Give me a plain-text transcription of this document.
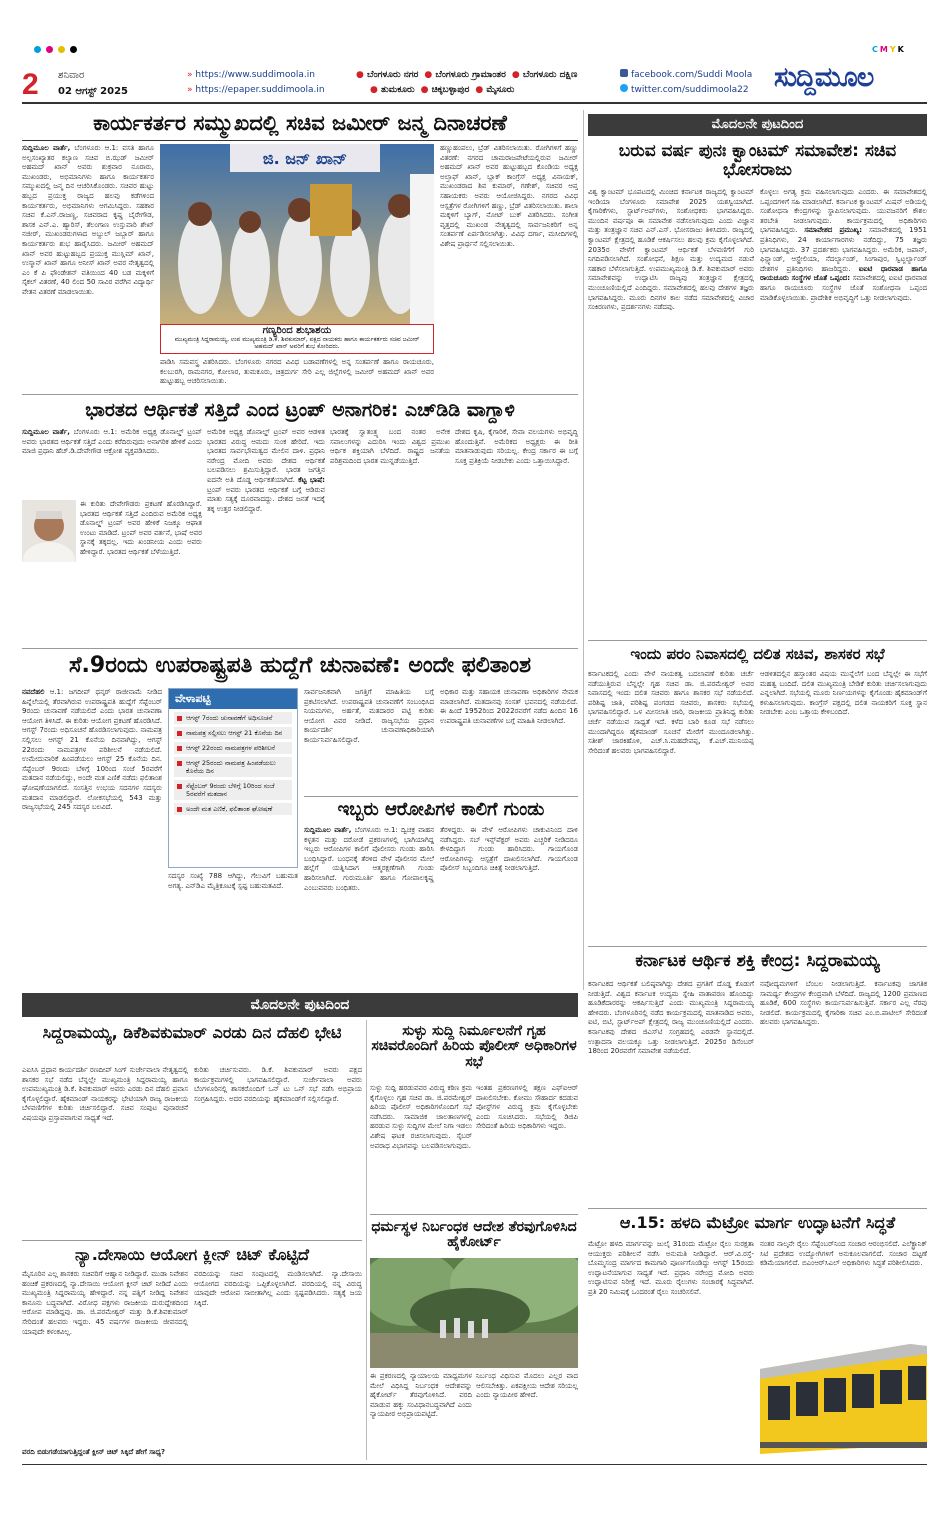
CMYK
2 ಶನಿವಾರ
02 ಆಗಸ್ಟ್ 2025
» https://www.suddimoola.in
» https://epaper.suddimoola.in
● ಬೆಂಗಳೂರು ನಗರ ● ಬೆಂಗಳೂರು ಗ್ರಾಮಾಂತರ ● ಬೆಂಗಳೂರು ದಕ್ಷಿಣ
● ತುಮಕೂರು ● ಚಿಕ್ಕಬಳ್ಳಾಪುರ ● ಮೈಸೂರು
facebook.com/Suddi Moola
twitter.com/suddimoola22 ಸುದ್ದಿಮೂಲ
ಕಾರ್ಯಕರ್ತರ ಸಮ್ಮುಖದಲ್ಲಿ ಸಚಿವ ಜಮೀರ್ ಜನ್ಮ ದಿನಾಚರಣೆ
ಸುದ್ದಿಮೂಲ ವಾರ್ತೆ, ಬೆಂಗಳೂರು ಆ.1: ವಸತಿ ಹಾಗೂ ಅಲ್ಪಸಂಖ್ಯಾತರ ಕಲ್ಯಾಣ ಸಚಿವ ಬಿ.ಝಡ್ ಜಮೀರ್ ಅಹಮದ್ ಖಾನ್ ಅವರು ಶುಕ್ರವಾರ ನೂರಾರು, ಮುಖಂಡರು, ಅಭಿಮಾನಿಗಳು ಹಾಗೂ ಕಾರ್ಯಕರ್ತರ ಸಮ್ಮುಖದಲ್ಲಿ ಜನ್ಮ ದಿನ ಆಚರಿಸಿಕೊಂಡರು. ಸಚಿವರ ಹುಟ್ಟು ಹಬ್ಬದ ಪ್ರಯುಕ್ತ ರಾಜ್ಯದ ಹಲವು ಕಡೆಗಳಿಂದ ಕಾರ್ಯಕರ್ತರು, ಅಭಿಮಾನಿಗಳು ಆಗಮಿಸಿದ್ದರು. ಸಹಕಾರ ಸಚಿವ ಕೆ.ಎನ್.ರಾಜಣ್ಣ, ಸಚಿವರಾದ ಕೃಷ್ಣ ಬೈರೇಗೌಡ, ಶಾಸಕ ಎನ್.ಎ. ಹ್ಯಾರಿಸ್, ತೆಲಂಗಾಣ ಉಸ್ತುವಾರಿ ಶೇಖ್ ನಜೀರ್, ಮುಖಂಡರುಗಳಾದ ಅಬ್ದುಲ್ ಜಬ್ಬಾರ್ ಹಾಗೂ ಕಾರ್ಯಕರ್ತರು ಶುಭ ಹಾರೈಸಿದರು. ಜಮೀರ್ ಅಹಮದ್ ಖಾನ್ ಅವರ ಹುಟ್ಟುಹಬ್ಬದ ಪ್ರಯುಕ್ತ ಮುಸ್ಲಿಮ್ ಖಾನ್, ಉಸ್ಮಾನ್ ಖಾನ್ ಹಾಗೂ ಅನೀಸ್ ಖಾನ್ ಅವರ ನೇತೃತ್ವದಲ್ಲಿ ಎಂ ಕೆ ಪಿ ಫೌಂಡೇಶನ್ ವತಿಯಿಂದ 40 ಬಡ ಮಕ್ಕಳಿಗೆ ಸೈಕಲ್ ವಿತರಣೆ, 40 ಲಿಂದ 50 ಸಾವಿರ ವರೆಗಿನ ವಿದ್ಯಾರ್ಥಿ ವೇತನ ವಿತರಣೆ ಮಾಡಲಾಯಿತು.
ಜಿ. ಜನ್ ಖಾನ್
ಗಣ್ಯರಿಂದ ಶುಭಾಶಯ
ಮುಖ್ಯಮಂತ್ರಿ ಸಿದ್ದರಾಮಯ್ಯ, ಉಪ ಮುಖ್ಯಮಂತ್ರಿ ಡಿ.ಕೆ. ಶಿವಕುಮಾರ್, ಪಕ್ಷದ ನಾಯಕರು ಹಾಗೂ ಕಾರ್ಯಕರ್ತರು ಸಚಿವ ಜಮೀರ್ ಅಹಮದ್ ಖಾನ್ ಅವರಿಗೆ ಶುಭ ಕೋರಿದರು.
ಹಣ್ಣುಹಂಪಲು, ಬ್ರೆಡ್ ವಿತರಿಸಲಾಯಿತು. ರೋಗಿಗಳಿಗೆ ಹಣ್ಣು ವಿತರಣೆ: ನಗರದ ಚಾಮರಾಜಪೇಟೆಯಲ್ಲಿರುವ ಜಮೀರ್ ಅಹಮದ್ ಖಾನ್ ಅವರ ಹುಟ್ಟುಹಬ್ಬದ ಕೊಂಡಿಯ ಅಧ್ಯಕ್ಷ ಅಲ್ತಾಫ್ ಖಾನ್, ಬ್ಲಾಕ್ ಕಾಂಗ್ರೆಸ್ ಅಧ್ಯಕ್ಷ ವಿನಾಯಕ್, ಮುಖಂಡರಾದ ಶಿವ ಕುಮಾರ್, ಗಣೇಶ್, ಸಚಿವರ ಆಪ್ತ ಸಹಾಯಕರು ಅವರು ಆಯೋಜಿಸಿದ್ದರು. ನಗರದ ವಿವಿಧ ಆಸ್ಪತ್ರೆಗಳ ರೋಗಿಗಳಿಗೆ ಹಣ್ಣು, ಬ್ರೆಡ್ ವಿತರಿಸಲಾಯಿತು. ಶಾಲಾ ಮಕ್ಕಳಿಗೆ ಬ್ಯಾಗ್, ನೋಟ್ ಬುಕ್ ವಿತರಿಸಿದರು. ಸಂಗೀತ ವೃತ್ತದಲ್ಲಿ ಮುಖಂಡ ನೇತೃತ್ವದಲ್ಲಿ ಸಾರ್ವಜನಿಕರಿಗೆ ಅನ್ನ ಸಂತರ್ಪಣೆ ಏರ್ಪಡಿಸಲಾಗಿತ್ತು. ವಿವಿಧ ದರ್ಗಾ, ಮಸೀದಿಗಳಲ್ಲಿ ವಿಶೇಷ ಪ್ರಾರ್ಥನೆ ಸಲ್ಲಿಸಲಾಯಿತು.
ಪಾಡಿಸಿ ಸಮವಸ್ತ್ರ ವಿತರಿಸಿದರು. ಬೆಂಗಳೂರು ನಗರದ ವಿವಿಧ ಬಡಾವಣೆಗಳಲ್ಲಿ ಅನ್ನ ಸಂತರ್ಪಣೆ ಹಾಗೂ ರಾಯಚೂರು, ಕಲಬುರಗಿ, ರಾಮನಗರ, ಕೋಲಾರ, ತುಮಕೂರು, ಚಿತ್ರದುರ್ಗ ಸೇರಿ ಎಲ್ಲ ಜಿಲ್ಲೆಗಳಲ್ಲಿ ಜಮೀರ್ ಅಹಮದ್ ಖಾನ್ ಅವರ ಹುಟ್ಟುಹಬ್ಬ ಆಚರಿಸಲಾಯಿತು.
ಭಾರತದ ಆರ್ಥಿಕತೆ ಸತ್ತಿದೆ ಎಂದ ಟ್ರಂಪ್ ಅನಾಗರಿಕ: ಎಚ್‌ಡಿಡಿ ವಾಗ್ದಾಳಿ
ಸುದ್ದಿಮೂಲ ವಾರ್ತೆ, ಬೆಂಗಳೂರು ಆ.1: ಅಮೆರಿಕ ಅಧ್ಯಕ್ಷ ಡೊನಾಲ್ಡ್ ಟ್ರಂಪ್ ಅವರು ಭಾರತದ ಆರ್ಥಿಕತೆ ಸತ್ತಿದೆ ಎಂದು ಕರೆದಿರುವುದು ಅನಾಗರಿಕ ಹೇಳಿಕೆ ಎಂದು ಮಾಜಿ ಪ್ರಧಾನಿ ಹೆಚ್.ಡಿ.ದೇವೇಗೌಡ ಆಕ್ರೋಶ ವ್ಯಕ್ತಪಡಿಸಿದರು.
ಈ ಕುರಿತು ದೇವೇಗೌಡರು ಪ್ರಕಟಣೆ ಹೊರಡಿಸಿದ್ದಾರೆ. ಭಾರತದ ಆರ್ಥಿಕತೆ ಸತ್ತಿದೆ ಎಂದಿರುವ ಅಮೆರಿಕ ಅಧ್ಯಕ್ಷ ಡೊನಾಲ್ಡ್ ಟ್ರಂಪ್ ಅವರ ಹೇಳಿಕೆ ನಿಜಕ್ಕೂ ಆಘಾತ ಉಂಟು ಮಾಡಿದೆ. ಟ್ರಂಪ್ ಅವರ ವರ್ತನೆ, ಭಾಷೆ ಅವರ ಸ್ಥಾನಕ್ಕೆ ತಕ್ಕದಲ್ಲ. ಇದು ಖಂಡನೀಯ ಎಂದು ಅವರು ಹೇಳಿದ್ದಾರೆ. ಭಾರತದ ಆರ್ಥಿಕತೆ ಬೆಳೆಯುತ್ತಿದೆ.
ಅಮೆರಿಕ ಅಧ್ಯಕ್ಷ ಡೊನಾಲ್ಡ್ ಟ್ರಂಪ್ ಅವರ ಆಡಳಿತ ಭಾರತದ ವಿರುದ್ಧ ಆಮದು ಸುಂಕ ಹೇರಿದೆ. ಇದು ಭಾರತದ ಸಾರ್ವಭೌಮತ್ವದ ಮೇಲಿನ ದಾಳಿ. ಪ್ರಧಾನಿ ನರೇಂದ್ರ ಮೋದಿ ಅವರು ದೇಶದ ಆರ್ಥಿಕತೆ ಬಲಪಡಿಸಲು ಶ್ರಮಿಸುತ್ತಿದ್ದಾರೆ. ಭಾರತ ಜಗತ್ತಿನ ಐದನೇ ಅತಿ ದೊಡ್ಡ ಆರ್ಥಿಕತೆಯಾಗಿದೆ. ಕೆಟ್ಟ ಭಾಷೆ: ಟ್ರಂಪ್ ಅವರು ಭಾರತದ ಆರ್ಥಿಕತೆ ಬಗ್ಗೆ ಆಡಿರುವ ಮಾತು ಸತ್ಯಕ್ಕೆ ದೂರವಾದದ್ದು. ದೇಶದ ಜನತೆ ಇದಕ್ಕೆ ತಕ್ಕ ಉತ್ತರ ನೀಡಲಿದ್ದಾರೆ.
ಭಾರತಕ್ಕೆ ಸ್ವಾತಂತ್ರ್ಯ ಬಂದ ನಂತರ ಅನೇಕ ಸವಾಲುಗಳನ್ನು ಎದುರಿಸಿ ಇಂದು ವಿಶ್ವದ ಪ್ರಮುಖ ಆರ್ಥಿಕ ಶಕ್ತಿಯಾಗಿ ಬೆಳೆದಿದೆ. ರಾಷ್ಟ್ರದ ಜನತೆಯ ಪರಿಶ್ರಮದಿಂದ ಭಾರತ ಮುನ್ನಡೆಯುತ್ತಿದೆ.
ದೇಶದ ಕೃಷಿ, ಕೈಗಾರಿಕೆ, ಸೇವಾ ವಲಯಗಳು ಅಭಿವೃದ್ಧಿ ಹೊಂದುತ್ತಿವೆ. ಅಮೆರಿಕದ ಅಧ್ಯಕ್ಷರು ಈ ರೀತಿ ಮಾತನಾಡುವುದು ಸರಿಯಲ್ಲ. ಕೇಂದ್ರ ಸರ್ಕಾರ ಈ ಬಗ್ಗೆ ಸೂಕ್ತ ಪ್ರತಿಕ್ರಿಯೆ ನೀಡಬೇಕು ಎಂದು ಒತ್ತಾಯಿಸಿದ್ದಾರೆ.
ಸೆ.9ರಂದು ಉಪರಾಷ್ಟ್ರಪತಿ ಹುದ್ದೆಗೆ ಚುನಾವಣೆ: ಅಂದೇ ಫಲಿತಾಂಶ
ನವದೆಹಲಿ ಆ.1: ಜಗದೀಪ್ ಧನ್ಕರ್ ರಾಜೀನಾಮೆ ನೀಡಿದ ಹಿನ್ನೆಲೆಯಲ್ಲಿ ತೆರವಾಗಿರುವ ಉಪರಾಷ್ಟ್ರಪತಿ ಹುದ್ದೆಗೆ ಸೆಪ್ಟೆಂಬರ್ 9ರಂದು ಚುನಾವಣೆ ನಡೆಯಲಿದೆ ಎಂದು ಭಾರತ ಚುನಾವಣಾ ಆಯೋಗ ತಿಳಿಸಿದೆ. ಈ ಕುರಿತು ಆಯೋಗ ಪ್ರಕಟಣೆ ಹೊರಡಿಸಿದೆ. ಆಗಸ್ಟ್ 7ರಂದು ಅಧಿಸೂಚನೆ ಹೊರಡಿಸಲಾಗುವುದು. ನಾಮಪತ್ರ ಸಲ್ಲಿಸಲು ಆಗಸ್ಟ್ 21 ಕೊನೆಯ ದಿನವಾಗಿದ್ದು, ಆಗಸ್ಟ್ 22ರಂದು ನಾಮಪತ್ರಗಳ ಪರಿಶೀಲನೆ ನಡೆಯಲಿದೆ. ಉಮೇದುವಾರಿಕೆ ಹಿಂಪಡೆಯಲು ಆಗಸ್ಟ್ 25 ಕೊನೆಯ ದಿನ. ಸೆಪ್ಟೆಂಬರ್ 9ರಂದು ಬೆಳಿಗ್ಗೆ 10ರಿಂದ ಸಂಜೆ 5ರವರೆಗೆ ಮತದಾನ ನಡೆಯಲಿದ್ದು, ಅಂದೇ ಮತ ಎಣಿಕೆ ನಡೆದು ಫಲಿತಾಂಶ ಘೋಷಣೆಯಾಗಲಿದೆ. ಸಂಸತ್ತಿನ ಉಭಯ ಸದನಗಳ ಸದಸ್ಯರು ಮತದಾನ ಮಾಡಲಿದ್ದಾರೆ. ಲೋಕಸಭೆಯಲ್ಲಿ 543 ಮತ್ತು ರಾಜ್ಯಸಭೆಯಲ್ಲಿ 245 ಸದಸ್ಯರ ಬಲವಿದೆ.
ವೇಳಾಪಟ್ಟಿ
ಆಗಸ್ಟ್ 7ರಂದು ಚುನಾವಣೆಗೆ ಅಧಿಸೂಚನೆ
ನಾಮಪತ್ರ ಸಲ್ಲಿಸಲು ಆಗಸ್ಟ್ 21 ಕೊನೆಯ ದಿನ
ಆಗಸ್ಟ್ 22ರಂದು ನಾಮಪತ್ರಗಳ ಪರಿಶೀಲನೆ
ಆಗಸ್ಟ್ 25ರಂದು ನಾಮಪತ್ರ ಹಿಂಪಡೆಯಲು ಕೊನೆಯ ದಿನ
ಸೆಪ್ಟೆಂಬರ್ 9ರಂದು ಬೆಳಿಗ್ಗೆ 10ರಿಂದ ಸಂಜೆ 5ರವರೆಗೆ ಮತದಾನ
ಅಂದೇ ಮತ ಎಣಿಕೆ, ಫಲಿತಾಂಶ ಘೋಷಣೆ
ಸದಸ್ಯರ ಸಂಖ್ಯೆ 788 ಆಗಿದ್ದು, ಗೆಲುವಿಗೆ ಬಹುಮತ ಅಗತ್ಯ. ಎನ್‌ಡಿಎ ಮೈತ್ರಿಕೂಟಕ್ಕೆ ಸ್ಪಷ್ಟ ಬಹುಮತವಿದೆ.
ಸಾರ್ವಜನಿಕವಾಗಿ ಜಗತ್ತಿಗೆ ಮಾಹಿತಿಯ ಬಗ್ಗೆ ಪ್ರಕಟಿಸಲಾಗಿದೆ. ಉಪರಾಷ್ಟ್ರಪತಿ ಚುನಾವಣೆಗೆ ಸಂಬಂಧಿಸಿದ ನಿಯಮಗಳು, ಅರ್ಹತೆ, ಮತದಾರರ ಪಟ್ಟಿ ಕುರಿತು ಆಯೋಗ ವಿವರ ನೀಡಿದೆ. ರಾಜ್ಯಸಭೆಯ ಪ್ರಧಾನ ಕಾರ್ಯದರ್ಶಿ ಚುನಾವಣಾಧಿಕಾರಿಯಾಗಿ ಕಾರ್ಯನಿರ್ವಹಿಸಲಿದ್ದಾರೆ.
ಅಧಿಕಾರ ಮತ್ತು ಸಹಾಯಕ ಚುನಾವಣಾ ಅಧಿಕಾರಿಗಳ ನೇಮಕ ಮಾಡಲಾಗಿದೆ. ಮತದಾನವು ಸಂಸತ್ ಭವನದಲ್ಲಿ ನಡೆಯಲಿದೆ. ಈ ಹಿಂದೆ 1952ರಿಂದ 2022ರವರೆಗೆ ನಡೆದ ಹಿಂದಿನ 16 ಉಪರಾಷ್ಟ್ರಪತಿ ಚುನಾವಣೆಗಳ ಬಗ್ಗೆ ಮಾಹಿತಿ ನೀಡಲಾಗಿದೆ.
ಇಬ್ಬರು ಆರೋಪಿಗಳ ಕಾಲಿಗೆ ಗುಂಡು
ಸುದ್ದಿಮೂಲ ವಾರ್ತೆ, ಬೆಂಗಳೂರು ಆ.1: ದ್ವಿಚಕ್ರ ವಾಹನ ಕಳ್ಳತನ ಮತ್ತು ದರೋಡೆ ಪ್ರಕರಣಗಳಲ್ಲಿ ಭಾಗಿಯಾಗಿದ್ದ ಇಬ್ಬರು ಆರೋಪಿಗಳ ಕಾಲಿಗೆ ಪೊಲೀಸರು ಗುಂಡು ಹಾರಿಸಿ ಬಂಧಿಸಿದ್ದಾರೆ. ಬಂಧನಕ್ಕೆ ತೆರಳಿದ ವೇಳೆ ಪೊಲೀಸರ ಮೇಲೆ ಹಲ್ಲೆಗೆ ಯತ್ನಿಸಿದಾಗ ಆತ್ಮರಕ್ಷಣೆಗಾಗಿ ಗುಂಡು ಹಾರಿಸಲಾಗಿದೆ. ಗುರುಮೂರ್ತಿ ಹಾಗೂ ಗೋಪಾಲಕೃಷ್ಣ ಎಂಬುವವರು ಬಂಧಿತರು.
ತೆರಳಿದ್ದರು. ಈ ವೇಳೆ ಆರೋಪಿಗಳು ಚಾಕುವಿನಿಂದ ದಾಳಿ ನಡೆಸಿದ್ದರು. ಸಬ್ ಇನ್ಸ್‌ಪೆಕ್ಟರ್ ಅವರು ಎಚ್ಚರಿಕೆ ನೀಡಿದರೂ ಕೇಳದಿದ್ದಾಗ ಗುಂಡು ಹಾರಿಸಿದರು. ಗಾಯಗೊಂಡ ಆರೋಪಿಗಳನ್ನು ಆಸ್ಪತ್ರೆಗೆ ದಾಖಲಿಸಲಾಗಿದೆ. ಗಾಯಗೊಂಡ ಪೊಲೀಸ್ ಸಿಬ್ಬಂದಿಗೂ ಚಿಕಿತ್ಸೆ ನೀಡಲಾಗುತ್ತಿದೆ.
ಮೊದಲನೇ ಪುಟದಿಂದ
ಬರುವ ವರ್ಷ ಪುನಃ ಕ್ವಾಂಟಮ್ ಸಮಾವೇಶ: ಸಚಿವ ಭೋಸರಾಜು
ವಿಶ್ವ ಕ್ವಾಂಟಮ್ ಭೂಪಟದಲ್ಲಿ ಮಿಂಚಿದ ಕರ್ನಾಟಕ ರಾಜ್ಯದಲ್ಲಿ ಕ್ವಾಂಟಮ್ ಇಂಡಿಯಾ ಬೆಂಗಳೂರು ಸಮಾವೇಶ 2025 ಯಶಸ್ವಿಯಾಗಿದೆ. ಕೈಗಾರಿಕೆಗಳು, ಸ್ಟಾರ್ಟ್‌ಅಪ್‌ಗಳು, ಸಂಶೋಧಕರು ಭಾಗವಹಿಸಿದ್ದರು. ಮುಂದಿನ ವರ್ಷವೂ ಈ ಸಮಾವೇಶ ನಡೆಸಲಾಗುವುದು ಎಂದು ವಿಜ್ಞಾನ ಮತ್ತು ತಂತ್ರಜ್ಞಾನ ಸಚಿವ ಎನ್.ಎಸ್. ಭೋಸರಾಜು ತಿಳಿಸಿದರು. ರಾಜ್ಯದಲ್ಲಿ ಕ್ವಾಂಟಮ್ ಕ್ಷೇತ್ರದಲ್ಲಿ ಹೂಡಿಕೆ ಆಕರ್ಷಿಸಲು ಹಲವು ಕ್ರಮ ಕೈಗೊಳ್ಳಲಾಗಿದೆ. 2035ರ ವೇಳೆಗೆ ಕ್ವಾಂಟಮ್ ಆರ್ಥಿಕತೆ ಬೆಳವಣಿಗೆಗೆ ಗುರಿ ನಿಗದಿಪಡಿಸಲಾಗಿದೆ. ಸಂಶೋಧನೆ, ಶಿಕ್ಷಣ ಮತ್ತು ಉದ್ಯಮದ ನಡುವೆ ಸಹಕಾರ ಬೆಳೆಸಲಾಗುತ್ತಿದೆ. ಉಪಮುಖ್ಯಮಂತ್ರಿ ಡಿ.ಕೆ. ಶಿವಕುಮಾರ್ ಅವರು ಸಮಾವೇಶವನ್ನು ಉದ್ಘಾಟಿಸಿ ರಾಜ್ಯವು ತಂತ್ರಜ್ಞಾನ ಕ್ಷೇತ್ರದಲ್ಲಿ ಮುಂಚೂಣಿಯಲ್ಲಿದೆ ಎಂದಿದ್ದರು. ಸಮಾವೇಶದಲ್ಲಿ ಹಲವು ದೇಶಗಳ ತಜ್ಞರು ಭಾಗವಹಿಸಿದ್ದರು. ಮೂರು ದಿನಗಳ ಕಾಲ ನಡೆದ ಸಮಾವೇಶದಲ್ಲಿ ವಿಚಾರ ಸಂಕಿರಣಗಳು, ಪ್ರದರ್ಶನಗಳು ನಡೆದವು.
ಕೊಳ್ಳಲು ಅಗತ್ಯ ಕ್ರಮ ವಹಿಸಲಾಗುವುದು ಎಂದರು. ಈ ಸಮಾವೇಶದಲ್ಲಿ ಒಪ್ಪಂದಗಳಿಗೆ ಸಹಿ ಮಾಡಲಾಗಿದೆ. ಕರ್ನಾಟಕ ಕ್ವಾಂಟಮ್ ಮಿಷನ್ ಅಡಿಯಲ್ಲಿ ಸಂಶೋಧನಾ ಕೇಂದ್ರಗಳನ್ನು ಸ್ಥಾಪಿಸಲಾಗುವುದು. ಯುವಜನರಿಗೆ ಕೌಶಲ ತರಬೇತಿ ನೀಡಲಾಗುವುದು. ಕಾರ್ಯಕ್ರಮದಲ್ಲಿ ಅಧಿಕಾರಿಗಳು ಭಾಗವಹಿಸಿದ್ದರು. ಸಮಾವೇಶದ ಪ್ರಮುಖ್ಯ: ಸಮಾವೇಶದಲ್ಲಿ 1951 ಪ್ರತಿನಿಧಿಗಳು, 24 ಕಾರ್ಯಾಗಾರಗಳು ನಡೆದಿದ್ದು, 75 ತಜ್ಞರು ಭಾಗವಹಿಸಿದ್ದರು. 37 ಪ್ರದರ್ಶಕರು ಭಾಗವಹಿಸಿದ್ದರು. ಅಮೆರಿಕ, ಜಪಾನ್, ಫಿನ್ಲ್ಯಾಂಡ್, ಆಸ್ಟ್ರೇಲಿಯಾ, ನೆದರ್ಲ್ಯಾಂಡ್, ಸಿಂಗಾಪುರ, ಸ್ವಿಟ್ಜರ್ಲ್ಯಾಂಡ್ ದೇಶಗಳ ಪ್ರತಿನಿಧಿಗಳು ಹಾಜರಿದ್ದರು. ಐಐಟಿ ಧಾರವಾಡ ಹಾಗೂ ರಾಯಚೂರು ಸಂಸ್ಥೆಗಳ ಜೊತೆ ಒಪ್ಪಂದ: ಸಮಾವೇಶದಲ್ಲಿ ಐಐಟಿ ಧಾರವಾಡ ಹಾಗೂ ರಾಯಚೂರು ಸಂಸ್ಥೆಗಳ ಜೊತೆ ಸಂಶೋಧನಾ ಒಪ್ಪಂದ ಮಾಡಿಕೊಳ್ಳಲಾಯಿತು. ಪ್ರಾದೇಶಿಕ ಅಭಿವೃದ್ಧಿಗೆ ಒತ್ತು ನೀಡಲಾಗುವುದು.
ಇಂದು ಪರಂ ನಿವಾಸದಲ್ಲಿ ದಲಿತ ಸಚಿವ, ಶಾಸಕರ ಸಭೆ
ಕರ್ನಾಟಕದಲ್ಲಿ ಎಂದು ವೇಳೆ ನಾಯಕತ್ವ ಬದಲಾವಣೆ ಕುರಿತು ಚರ್ಚೆ ನಡೆಯುತ್ತಿರುವ ಬೆನ್ನಲ್ಲೇ ಗೃಹ ಸಚಿವ ಡಾ. ಜಿ.ಪರಮೇಶ್ವರ್ ಅವರ ನಿವಾಸದಲ್ಲಿ ಇಂದು ದಲಿತ ಸಚಿವರು ಹಾಗೂ ಶಾಸಕರ ಸಭೆ ನಡೆಯಲಿದೆ. ಪರಿಶಿಷ್ಟ ಜಾತಿ, ಪರಿಶಿಷ್ಟ ಪಂಗಡದ ಸಚಿವರು, ಶಾಸಕರು ಸಭೆಯಲ್ಲಿ ಭಾಗವಹಿಸಲಿದ್ದಾರೆ. ಒಳ ಮೀಸಲಾತಿ ಜಾರಿ, ರಾಜಕೀಯ ಪ್ರಾತಿನಿಧ್ಯ ಕುರಿತು ಚರ್ಚೆ ನಡೆಯುವ ಸಾಧ್ಯತೆ ಇದೆ. ಕಳೆದ ಬಾರಿ ಕೂಡ ಸಭೆ ನಡೆಸಲು ಮುಂದಾಗಿದ್ದರೂ ಹೈಕಮಾಂಡ್ ಸೂಚನೆ ಮೇರೆಗೆ ಮುಂದೂಡಲಾಗಿತ್ತು. ಸತೀಶ್ ಜಾರಕಿಹೊಳಿ, ಎಚ್.ಸಿ.ಮಹದೇವಪ್ಪ, ಕೆ.ಎಚ್.ಮುನಿಯಪ್ಪ ಸೇರಿದಂತೆ ಹಲವರು ಭಾಗವಹಿಸಲಿದ್ದಾರೆ.
ಆಡಳಿತದಲ್ಲಿನ ಹಸ್ತಾಂತರ ವಿಷಯ ಮುನ್ನೆಲೆಗೆ ಬಂದ ಬೆನ್ನಲ್ಲೇ ಈ ಸಭೆಗೆ ಮಹತ್ವ ಬಂದಿದೆ. ದಲಿತ ಮುಖ್ಯಮಂತ್ರಿ ಬೇಡಿಕೆ ಕುರಿತು ಚರ್ಚಿಸಲಾಗುವುದು ಎನ್ನಲಾಗಿದೆ. ಸಭೆಯಲ್ಲಿ ಮೂರು ನಿರ್ಣಯಗಳನ್ನು ಕೈಗೊಂಡು ಹೈಕಮಾಂಡ್‌ಗೆ ಕಳುಹಿಸಲಾಗುವುದು. ಕಾಂಗ್ರೆಸ್ ಪಕ್ಷದಲ್ಲಿ ದಲಿತ ನಾಯಕರಿಗೆ ಸೂಕ್ತ ಸ್ಥಾನ ನೀಡಬೇಕು ಎಂಬ ಒತ್ತಾಯ ಕೇಳಿಬಂದಿದೆ.
ಕರ್ನಾಟಕ ಆರ್ಥಿಕ ಶಕ್ತಿ ಕೇಂದ್ರ: ಸಿದ್ದರಾಮಯ್ಯ
ಕರ್ನಾಟಕದ ಆರ್ಥಿಕತೆ ಬಲಿಷ್ಠವಾಗಿದ್ದು ದೇಶದ ಪ್ರಗತಿಗೆ ದೊಡ್ಡ ಕೊಡುಗೆ ನೀಡುತ್ತಿದೆ. ವಿಶ್ವದ ಕರ್ನಾಟಕ ಉದ್ಯಮ ಸ್ನೇಹಿ ವಾತಾವರಣ ಹೊಂದಿದ್ದು ಹೂಡಿಕೆದಾರರನ್ನು ಆಕರ್ಷಿಸುತ್ತಿದೆ ಎಂದು ಮುಖ್ಯಮಂತ್ರಿ ಸಿದ್ದರಾಮಯ್ಯ ಹೇಳಿದರು. ಬೆಂಗಳೂರಿನಲ್ಲಿ ನಡೆದ ಕಾರ್ಯಕ್ರಮದಲ್ಲಿ ಮಾತನಾಡಿದ ಅವರು, ಐಟಿ, ಬಿಟಿ, ಸ್ಟಾರ್ಟ್‌ಅಪ್ ಕ್ಷೇತ್ರದಲ್ಲಿ ರಾಜ್ಯ ಮುಂಚೂಣಿಯಲ್ಲಿದೆ ಎಂದರು. ಕರ್ನಾಟಕವು ದೇಶದ ಜಿಎಸ್‌ಟಿ ಸಂಗ್ರಹದಲ್ಲಿ ಎರಡನೇ ಸ್ಥಾನದಲ್ಲಿದೆ. ಉತ್ಪಾದನಾ ವಲಯಕ್ಕೂ ಒತ್ತು ನೀಡಲಾಗುತ್ತಿದೆ. 2025ರ ಡಿಸೆಂಬರ್ 18ರಿಂದ 20ರವರೆಗೆ ಸಮಾವೇಶ ನಡೆಯಲಿದೆ.
ನವೋದ್ಯಮಗಳಿಗೆ ಬೆಂಬಲ ನೀಡಲಾಗುತ್ತಿದೆ. ಕರ್ನಾಟಕವು ಜಾಗತಿಕ ಸಾಮರ್ಥ್ಯ ಕೇಂದ್ರಗಳ ಕೇಂದ್ರವಾಗಿ ಬೆಳೆದಿದೆ. ರಾಜ್ಯದಲ್ಲಿ 1200 ಪ್ರಮಾಣದ ಹೂಡಿಕೆ, 600 ಸಂಸ್ಥೆಗಳು ಕಾರ್ಯನಿರ್ವಹಿಸುತ್ತಿವೆ. ಸರ್ಕಾರ ಎಲ್ಲ ನೆರವು ನೀಡಲಿದೆ. ಕಾರ್ಯಕ್ರಮದಲ್ಲಿ ಕೈಗಾರಿಕಾ ಸಚಿವ ಎಂ.ಬಿ.ಪಾಟೀಲ್ ಸೇರಿದಂತೆ ಹಲವರು ಭಾಗವಹಿಸಿದ್ದರು.
ಮೊದಲನೇ ಪುಟದಿಂದ
ಸಿದ್ದರಾಮಯ್ಯ, ಡಿಕೆಶಿವಕುಮಾರ್ ಎರಡು ದಿನ ದೆಹಲಿ ಭೇಟಿ
ಎಐಸಿಸಿ ಪ್ರಧಾನ ಕಾರ್ಯದರ್ಶಿ ರಣದೀಪ್ ಸಿಂಗ್ ಸುರ್ಜೇವಾಲಾ ನೇತೃತ್ವದಲ್ಲಿ ಶಾಸಕರ ಸಭೆ ನಡೆದ ಬೆನ್ನಲ್ಲೇ ಮುಖ್ಯಮಂತ್ರಿ ಸಿದ್ದರಾಮಯ್ಯ ಹಾಗೂ ಉಪಮುಖ್ಯಮಂತ್ರಿ ಡಿ.ಕೆ. ಶಿವಕುಮಾರ್ ಅವರು ಎರಡು ದಿನ ದೆಹಲಿ ಪ್ರವಾಸ ಕೈಗೊಳ್ಳಲಿದ್ದಾರೆ. ಹೈಕಮಾಂಡ್ ನಾಯಕರನ್ನು ಭೇಟಿಯಾಗಿ ರಾಜ್ಯ ರಾಜಕೀಯ ಬೆಳವಣಿಗೆಗಳ ಕುರಿತು ಚರ್ಚಿಸಲಿದ್ದಾರೆ. ಸಚಿವ ಸಂಪುಟ ಪುನಾರಚನೆ ವಿಷಯವೂ ಪ್ರಸ್ತಾಪವಾಗುವ ಸಾಧ್ಯತೆ ಇದೆ.
ಕುರಿತು ಚರ್ಚಿಸುವರು. ಡಿ.ಕೆ. ಶಿವಕುಮಾರ್ ಅವರು ಪಕ್ಷದ ಕಾರ್ಯಕ್ರಮಗಳಲ್ಲಿ ಭಾಗವಹಿಸಲಿದ್ದಾರೆ. ಸುರ್ಜೇವಾಲಾ ಅವರು ಬೆಂಗಳೂರಿನಲ್ಲಿ ಶಾಸಕರೊಂದಿಗೆ ಒನ್ ಟು ಒನ್ ಸಭೆ ನಡೆಸಿ ಅಭಿಪ್ರಾಯ ಸಂಗ್ರಹಿಸಿದ್ದರು. ಅದರ ವರದಿಯನ್ನು ಹೈಕಮಾಂಡ್‌ಗೆ ಸಲ್ಲಿಸಲಿದ್ದಾರೆ.
ನ್ಯಾ.ದೇಸಾಯಿ ಆಯೋಗ ಕ್ಲೀನ್ ಚಿಟ್ ಕೊಟ್ಟಿದೆ
ಮೈಸೂರಿನ ಎಲ್ಲ ಶಾಸಕರು ಸಚಿವರಿಗೆ ಆಹ್ವಾನ ನೀಡಿದ್ದಾರೆ. ಮುಡಾ ನಿವೇಶನ ಹಂಚಿಕೆ ಪ್ರಕರಣದಲ್ಲಿ ನ್ಯಾ.ದೇಸಾಯಿ ಆಯೋಗ ಕ್ಲೀನ್ ಚಿಟ್ ನೀಡಿದೆ ಎಂದು ಮುಖ್ಯಮಂತ್ರಿ ಸಿದ್ದರಾಮಯ್ಯ ಹೇಳಿದ್ದಾರೆ. ನನ್ನ ಪತ್ನಿಗೆ ನೀಡಿದ್ದ ನಿವೇಶನ ಕಾನೂನು ಬದ್ಧವಾಗಿದೆ. ವಿರೋಧ ಪಕ್ಷಗಳು ರಾಜಕೀಯ ದುರುದ್ದೇಶದಿಂದ ಆರೋಪ ಮಾಡಿದ್ದವು. ಡಾ. ಜಿ.ಪರಮೇಶ್ವರ್ ಮತ್ತು ಡಿ.ಕೆ.ಶಿವಕುಮಾರ್ ಸೇರಿದಂತೆ ಹಲವರು ಇದ್ದರು. 45 ವರ್ಷಗಳ ರಾಜಕೀಯ ಜೀವನದಲ್ಲಿ ಯಾವುದೇ ಕಳಂಕವಿಲ್ಲ.
ವರದಿಯನ್ನು ಸಚಿವ ಸಂಪುಟದಲ್ಲಿ ಮಂಡಿಸಲಾಗಿದೆ. ನ್ಯಾ.ದೇಸಾಯಿ ಆಯೋಗದ ವರದಿಯನ್ನು ಒಪ್ಪಿಕೊಳ್ಳಲಾಗಿದೆ. ವರದಿಯಲ್ಲಿ ನನ್ನ ವಿರುದ್ಧ ಯಾವುದೇ ಆರೋಪ ಸಾಬೀತಾಗಿಲ್ಲ ಎಂದು ಸ್ಪಷ್ಟಪಡಿಸಿದರು. ಸತ್ಯಕ್ಕೆ ಜಯ ಸಿಕ್ಕಿದೆ.
ವರದಿ ಬಿಡುಗಡೆಯಾಗುತ್ತಿದ್ದಂತೆ ಕ್ಲೀನ್ ಚಿಟ್ ಸಿಕ್ಕಿದೆ ಹೇಗೆ ಸಾಧ್ಯ?
ಸುಳ್ಳು ಸುದ್ದಿ ನಿರ್ಮೂಲನೆಗೆ ಗೃಹ ಸಚಿವರೊಂದಿಗೆ ಹಿರಿಯ ಪೊಲೀಸ್ ಅಧಿಕಾರಿಗಳ ಸಭೆ
ಸುಳ್ಳು ಸುದ್ದಿ ಹರಡುವವರ ವಿರುದ್ಧ ಕಠಿಣ ಕ್ರಮ ಕೈಗೊಳ್ಳಲು ಗೃಹ ಸಚಿವ ಡಾ. ಜಿ.ಪರಮೇಶ್ವರ್ ಹಿರಿಯ ಪೊಲೀಸ್ ಅಧಿಕಾರಿಗಳೊಂದಿಗೆ ಸಭೆ ನಡೆಸಿದರು. ಸಾಮಾಜಿಕ ಜಾಲತಾಣಗಳಲ್ಲಿ ಹರಡುವ ಸುಳ್ಳು ಸುದ್ದಿಗಳ ಮೇಲೆ ನಿಗಾ ಇಡಲು ವಿಶೇಷ ಘಟಕ ರಚಿಸಲಾಗುವುದು. ಸೈಬರ್ ಅಪರಾಧ ವಿಭಾಗವನ್ನು ಬಲಪಡಿಸಲಾಗುವುದು.
ಇಂತಹ ಪ್ರಕರಣಗಳಲ್ಲಿ ತಕ್ಷಣ ಎಫ್‌ಐಆರ್ ದಾಖಲಿಸಬೇಕು. ಕೋಮು ಸೌಹಾರ್ದ ಕದಡುವ ಪೋಸ್ಟ್‌ಗಳ ವಿರುದ್ಧ ಕ್ರಮ ಕೈಗೊಳ್ಳಬೇಕು ಎಂದು ಸೂಚಿಸಿದರು. ಸಭೆಯಲ್ಲಿ ಡಿಜಿಪಿ ಸೇರಿದಂತೆ ಹಿರಿಯ ಅಧಿಕಾರಿಗಳು ಇದ್ದರು.
ಧರ್ಮಸ್ಥಳ ನಿರ್ಬಂಧಕ ಆದೇಶ ತೆರವುಗೊಳಿಸಿದ ಹೈಕೋರ್ಟ್
ಈ ಪ್ರಕರಣದಲ್ಲಿ ನ್ಯಾಯಾಲಯ ಮಾಧ್ಯಮಗಳ ಮೇಲೆ ವಿಧಿಸಿದ್ದ ನಿರ್ಬಂಧಕ ಆದೇಶವನ್ನು ಹೈಕೋರ್ಟ್ ತೆರವುಗೊಳಿಸಿದೆ. ವರದಿ ಮಾಡುವ ಹಕ್ಕು ಸಂವಿಧಾನಬದ್ಧವಾಗಿದೆ ಎಂದು ನ್ಯಾಯಪೀಠ ಅಭಿಪ್ರಾಯಪಟ್ಟಿದೆ.
ನಿರ್ಬಂಧ ವಿಧಿಸುವ ಮೊದಲು ಎಲ್ಲರ ವಾದ ಆಲಿಸಬೇಕಿತ್ತು. ಏಕಪಕ್ಷೀಯ ಆದೇಶ ಸರಿಯಲ್ಲ ಎಂದು ನ್ಯಾಯಪೀಠ ಹೇಳಿದೆ.
ಆ.15: ಹಳದಿ ಮೆಟ್ರೋ ಮಾರ್ಗ ಉದ್ಘಾಟನೆಗೆ ಸಿದ್ಧತೆ
ಮೆಟ್ರೋ ಹಳದಿ ಮಾರ್ಗವನ್ನು ಜುಲೈ 31ರಂದು ಮೆಟ್ರೋ ರೈಲು ಸುರಕ್ಷತಾ ಆಯುಕ್ತರು ಪರಿಶೀಲನೆ ನಡೆಸಿ ಅನುಮತಿ ನೀಡಿದ್ದಾರೆ. ಆರ್.ವಿ.ರಸ್ತೆ-ಬೊಮ್ಮಸಂದ್ರ ಮಾರ್ಗದ ಕಾಮಗಾರಿ ಪೂರ್ಣಗೊಂಡಿದ್ದು ಆಗಸ್ಟ್ 15ರಂದು ಉದ್ಘಾಟನೆಯಾಗುವ ಸಾಧ್ಯತೆ ಇದೆ. ಪ್ರಧಾನಿ ನರೇಂದ್ರ ಮೋದಿ ಅವರು ಉದ್ಘಾಟಿಸುವ ನಿರೀಕ್ಷೆ ಇದೆ. ಮೂರು ರೈಲುಗಳು ಸಂಚಾರಕ್ಕೆ ಸಿದ್ಧವಾಗಿವೆ. ಪ್ರತಿ 20 ನಿಮಿಷಕ್ಕೆ ಒಂದರಂತೆ ರೈಲು ಸಂಚರಿಸಲಿವೆ.
ನಂತರ ನಾಲ್ಕನೇ ರೈಲು ಸೆಪ್ಟೆಂಬರ್‌ನಿಂದ ಸಂಚಾರ ಆರಂಭಿಸಲಿದೆ. ಎಲೆಕ್ಟ್ರಾನಿಕ್ ಸಿಟಿ ಪ್ರದೇಶದ ಉದ್ಯೋಗಿಗಳಿಗೆ ಅನುಕೂಲವಾಗಲಿದೆ. ಸಂಚಾರ ದಟ್ಟಣೆ ಕಡಿಮೆಯಾಗಲಿದೆ. ಬಿಎಂಆರ್‌ಸಿಎಲ್ ಅಧಿಕಾರಿಗಳು ಸಿದ್ಧತೆ ಪರಿಶೀಲಿಸಿದರು.
